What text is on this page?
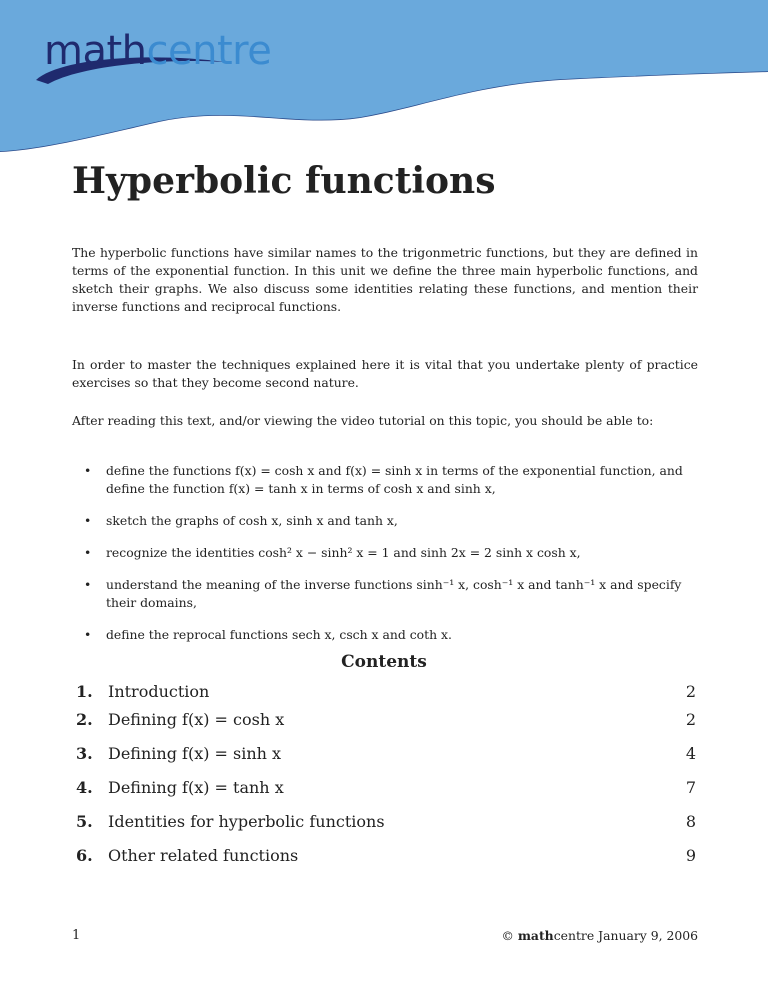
mathcentre
Hyperbolic functions

The hyperbolic functions have similar names to the trigonmetric functions, but they are defined in terms of the exponential function. In this unit we define the three main hyperbolic functions, and sketch their graphs. We also discuss some identities relating these functions, and mention their inverse functions and reciprocal functions.

In order to master the techniques explained here it is vital that you undertake plenty of practice exercises so that they become second nature.

After reading this text, and/or viewing the video tutorial on this topic, you should be able to:

• define the functions f(x) = cosh x and f(x) = sinh x in terms of the exponential function, and define the function f(x) = tanh x in terms of cosh x and sinh x,
• sketch the graphs of cosh x, sinh x and tanh x,
• recognize the identities cosh² x − sinh² x = 1 and sinh 2x = 2 sinh x cosh x,
• understand the meaning of the inverse functions sinh⁻¹ x, cosh⁻¹ x and tanh⁻¹ x and specify their domains,
• define the reprocal functions sech x, csch x and coth x.
Contents
1. Introduction	2
2. Defining f(x) = cosh x	2
3. Defining f(x) = sinh x	4
4. Defining f(x) = tanh x	7
5. Identities for hyperbolic functions	8
6. Other related functions	9
1	© mathcentre January 9, 2006
